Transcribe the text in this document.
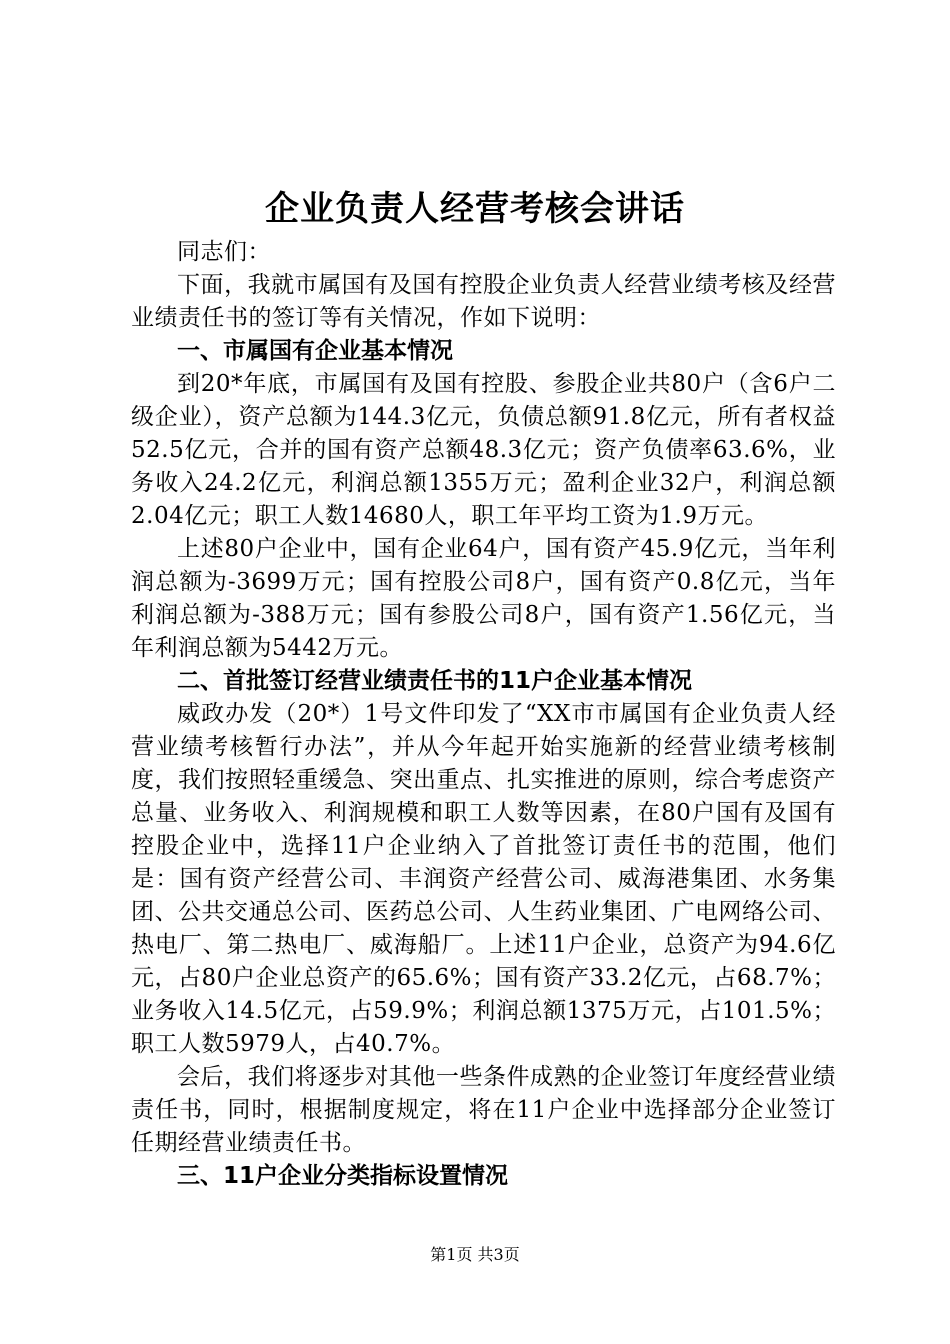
企业负责人经营考核会讲话

同志们：

下面，我就市属国有及国有控股企业负责人经营业绩考核及经营业绩责任书的签订等有关情况，作如下说明：

一、市属国有企业基本情况

到20*年底，市属国有及国有控股、参股企业共80户（含6户二级企业），资产总额为144.3亿元，负债总额91.8亿元，所有者权益52.5亿元，合并的国有资产总额48.3亿元；资产负债率63.6%，业务收入24.2亿元，利润总额1355万元；盈利企业32户，利润总额2.04亿元；职工人数14680人，职工年平均工资为1.9万元。

上述80户企业中，国有企业64户，国有资产45.9亿元，当年利润总额为-3699万元；国有控股公司8户，国有资产0.8亿元，当年利润总额为-388万元；国有参股公司8户，国有资产1.56亿元，当年利润总额为5442万元。

二、首批签订经营业绩责任书的11户企业基本情况

威政办发（20*）1号文件印发了“XX市市属国有企业负责人经营业绩考核暂行办法”，并从今年起开始实施新的经营业绩考核制度，我们按照轻重缓急、突出重点、扎实推进的原则，综合考虑资产总量、业务收入、利润规模和职工人数等因素，在80户国有及国有控股企业中，选择11户企业纳入了首批签订责任书的范围，他们是：国有资产经营公司、丰润资产经营公司、威海港集团、水务集团、公共交通总公司、医药总公司、人生药业集团、广电网络公司、热电厂、第二热电厂、威海船厂。上述11户企业，总资产为94.6亿元，占80户企业总资产的65.6%；国有资产33.2亿元，占68.7%；业务收入14.5亿元，占59.9%；利润总额1375万元，占101.5%；职工人数5979人，占40.7%。

会后，我们将逐步对其他一些条件成熟的企业签订年度经营业绩责任书，同时，根据制度规定，将在11户企业中选择部分企业签订任期经营业绩责任书。

三、11户企业分类指标设置情况

第1页 共3页
